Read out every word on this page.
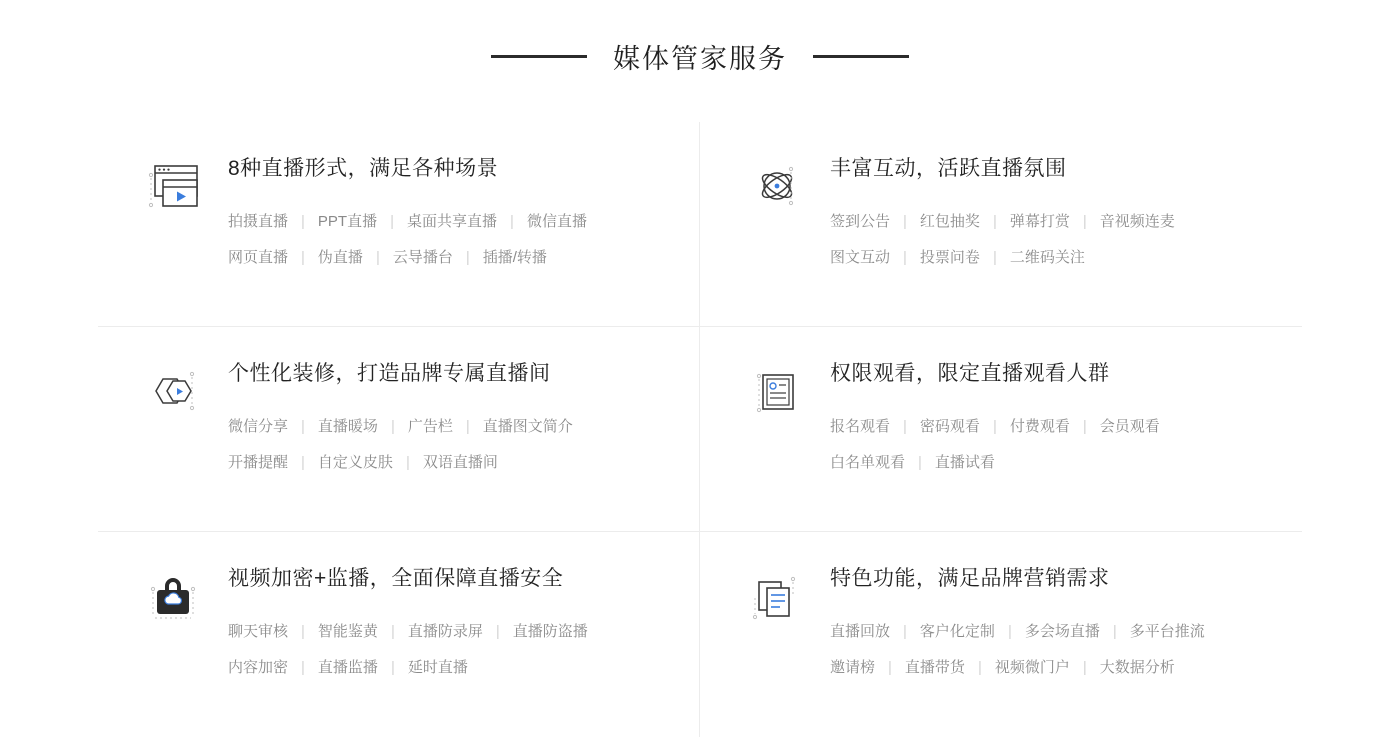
媒体管家服务
8种直播形式，满足各种场景
拍摄直播 | PPT直播 | 桌面共享直播 | 微信直播
网页直播 | 伪直播 | 云导播台 | 插播/转播
丰富互动，活跃直播氛围
签到公告 | 红包抽奖 | 弹幕打赏 | 音视频连麦
图文互动 | 投票问卷 | 二维码关注
个性化装修，打造品牌专属直播间
微信分享 | 直播暖场 | 广告栏 | 直播图文简介
开播提醒 | 自定义皮肤 | 双语直播间
权限观看，限定直播观看人群
报名观看 | 密码观看 | 付费观看 | 会员观看
白名单观看 | 直播试看
视频加密+监播，全面保障直播安全
聊天审核 | 智能鉴黄 | 直播防录屏 | 直播防盗播
内容加密 | 直播监播 | 延时直播
特色功能，满足品牌营销需求
直播回放 | 客户化定制 | 多会场直播 | 多平台推流
邀请榜 | 直播带货 | 视频微门户 | 大数据分析
